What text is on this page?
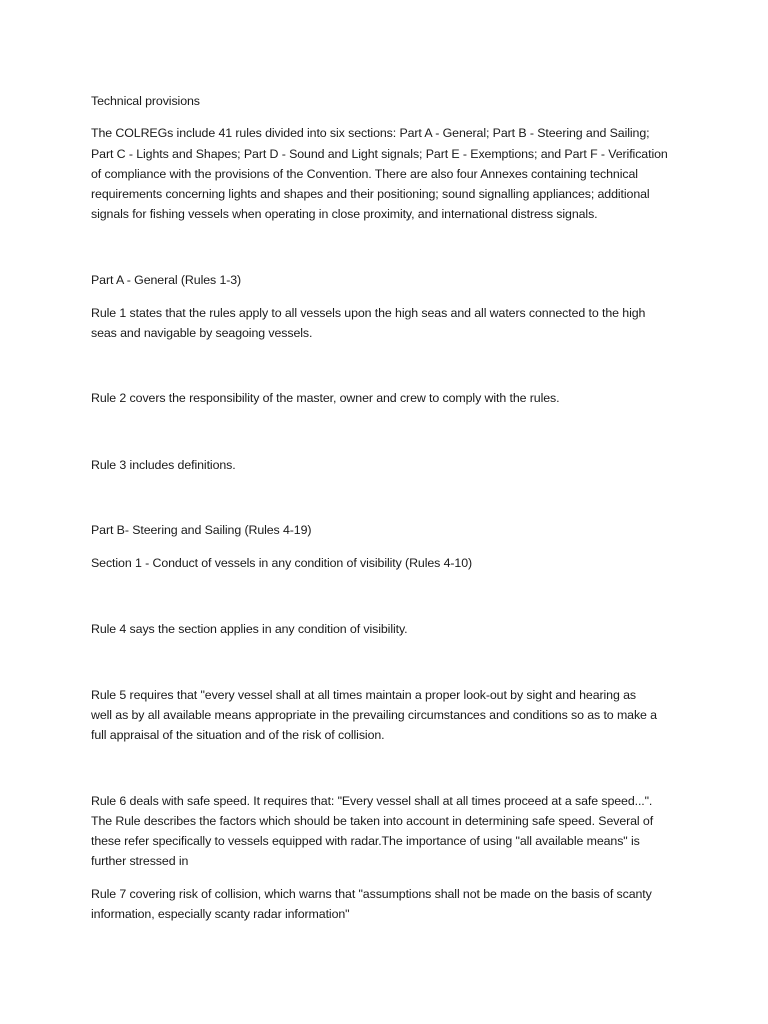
Technical provisions
The COLREGs include 41 rules divided into six sections: Part A - General; Part B - Steering and Sailing;
Part C - Lights and Shapes; Part D - Sound and Light signals; Part E - Exemptions; and Part F - Verification
of compliance with the provisions of the Convention. There are also four Annexes containing technical
requirements concerning lights and shapes and their positioning; sound signalling appliances; additional
signals for fishing vessels when operating in close proximity, and international distress signals.
Part A - General (Rules 1-3)
Rule 1 states that the rules apply to all vessels upon the high seas and all waters connected to the high
seas and navigable by seagoing vessels.
Rule 2 covers the responsibility of the master, owner and crew to comply with the rules.
Rule 3 includes definitions.
Part B- Steering and Sailing (Rules 4-19)
Section 1 - Conduct of vessels in any condition of visibility (Rules 4-10)
Rule 4 says the section applies in any condition of visibility.
Rule 5 requires that "every vessel shall at all times maintain a proper look-out by sight and hearing as
well as by all available means appropriate in the prevailing circumstances and conditions so as to make a
full appraisal of the situation and of the risk of collision.
Rule 6 deals with safe speed. It requires that: "Every vessel shall at all times proceed at a safe speed...".
The Rule describes the factors which should be taken into account in determining safe speed. Several of
these refer specifically to vessels equipped with radar.The importance of using "all available means" is
further stressed in
Rule 7 covering risk of collision, which warns that "assumptions shall not be made on the basis of scanty
information, especially scanty radar information"
